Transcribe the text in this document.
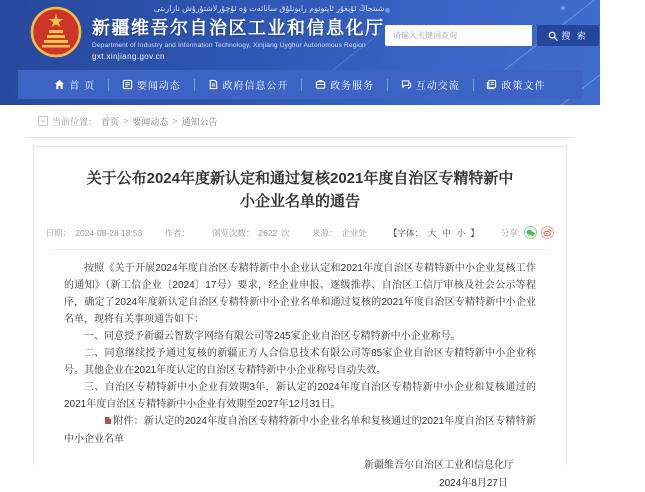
شىنجاڭ ئۇيغۇر ئاپتونوم رايونلۇق سانائەت ۋە ئۇچۇرلاشتۇرۇش نازارىتى
新疆维吾尔自治区工业和信息化厅
Department of Industry and Information Technology, Xinjiang Uyghur Autonomous Region
gxt.xinjiang.gov.cn
请输入关键词查询
搜 索
首 页	要闻动态	政府信息公开	政务服务	互动交流	政策文件
» 当前位置： 首页 > 要闻动态 > 通知公告
关于公布2024年度新认定和通过复核2021年度自治区专精特新中小企业名单的通告
日期： 2024-08-28 18:53	作者：	浏览次数： 2622 次	来源： 企业处	【字体： 大 中 小 】	分享:

按照《关于开展2024年度自治区专精特新中小企业认定和2021年度自治区专精特新中小企业复核工作的通知》（新工信企业〔2024〕17号）要求，经企业申报、逐级推荐、自治区工信厅审核及社会公示等程序，确定了2024年度新认定自治区专精特新中小企业名单和通过复核的2021年度自治区专精特新中小企业名单，现将有关事项通告如下：

一、同意授予新疆云智数字网络有限公司等245家企业自治区专精特新中小企业称号。

二、同意继续授予通过复核的新疆正方人合信息技术有限公司等85家企业自治区专精特新中小企业称号。其他企业在2021年度认定的自治区专精特新中小企业称号自动失效。

三、自治区专精特新中小企业有效期3年，新认定的2024年度自治区专精特新中小企业和复核通过的2021年度自治区专精特新中小企业有效期至2027年12月31日。

附件：新认定的2024年度自治区专精特新中小企业名单和复核通过的2021年度自治区专精特新中小企业名单

新疆维吾尔自治区工业和信息化厅

2024年8月27日
